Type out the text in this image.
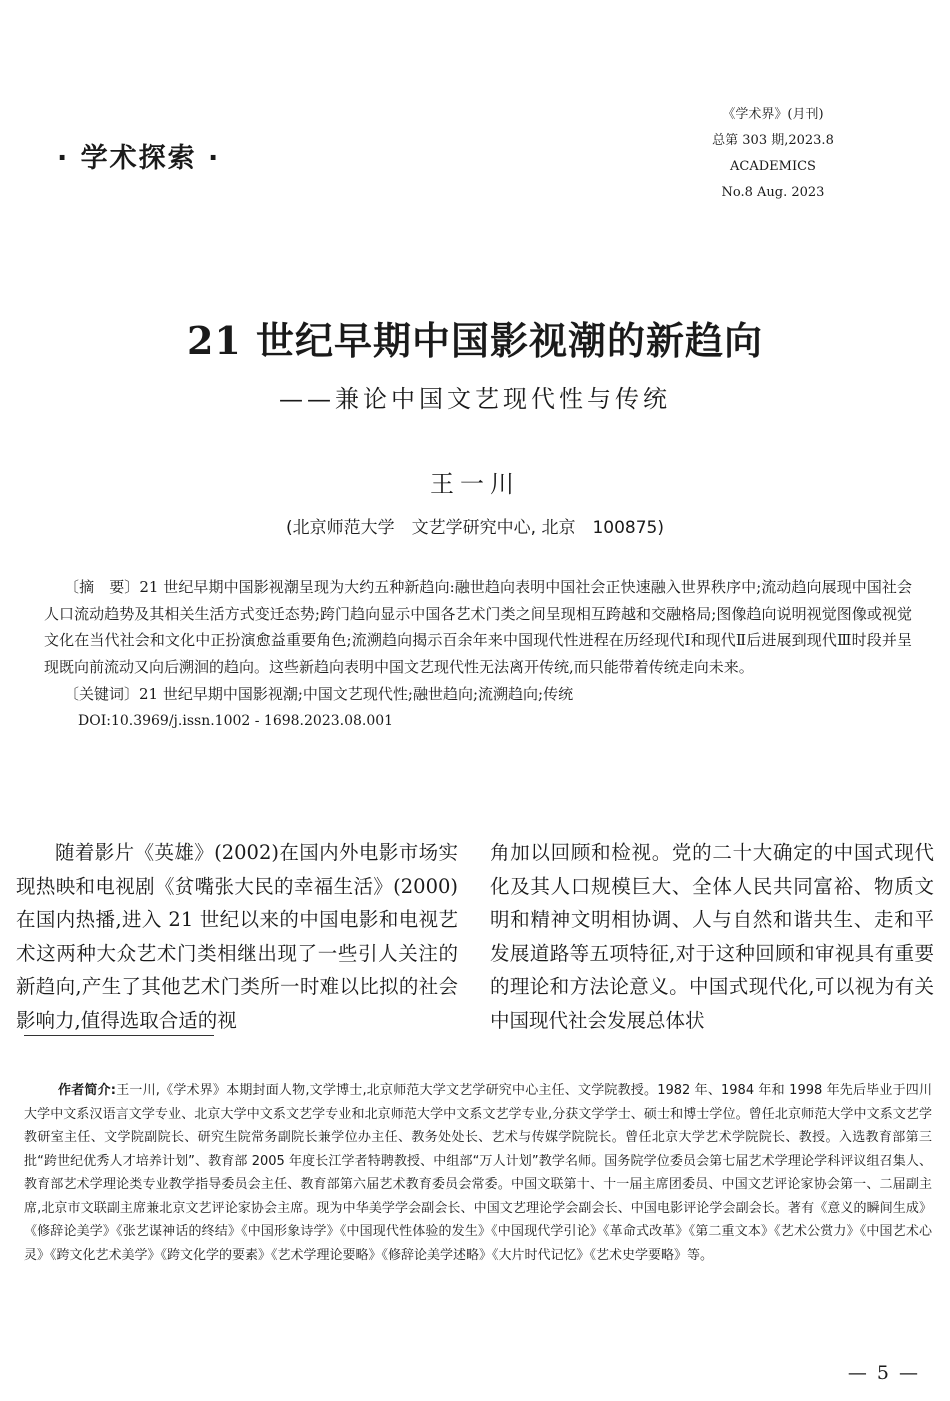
· 学术探索 ·
《学术界》(月刊)
总第 303 期,2023.8
ACADEMICS
No.8 Aug. 2023
21 世纪早期中国影视潮的新趋向
——兼论中国文艺现代性与传统
王一川
(北京师范大学　文艺学研究中心, 北京　100875)

〔摘　要〕21 世纪早期中国影视潮呈现为大约五种新趋向:融世趋向表明中国社会正快速融入世界秩序中;流动趋向展现中国社会人口流动趋势及其相关生活方式变迁态势;跨门趋向显示中国各艺术门类之间呈现相互跨越和交融格局;图像趋向说明视觉图像或视觉文化在当代社会和文化中正扮演愈益重要角色;流溯趋向揭示百余年来中国现代性进程在历经现代Ⅰ和现代Ⅱ后进展到现代Ⅲ时段并呈现既向前流动又向后溯洄的趋向。这些新趋向表明中国文艺现代性无法离开传统,而只能带着传统走向未来。

〔关键词〕21 世纪早期中国影视潮;中国文艺现代性;融世趋向;流溯趋向;传统

DOI:10.3969/j.issn.1002 - 1698.2023.08.001

随着影片《英雄》(2002)在国内外电影市场实现热映和电视剧《贫嘴张大民的幸福生活》(2000)在国内热播,进入 21 世纪以来的中国电影和电视艺术这两种大众艺术门类相继出现了一些引人关注的新趋向,产生了其他艺术门类所一时难以比拟的社会影响力,值得选取合适的视

角加以回顾和检视。党的二十大确定的中国式现代化及其人口规模巨大、全体人民共同富裕、物质文明和精神文明相协调、人与自然和谐共生、走和平发展道路等五项特征,对于这种回顾和审视具有重要的理论和方法论意义。中国式现代化,可以视为有关中国现代社会发展总体状

作者简介:王一川,《学术界》本期封面人物,文学博士,北京师范大学文艺学研究中心主任、文学院教授。1982 年、1984 年和 1998 年先后毕业于四川大学中文系汉语言文学专业、北京大学中文系文艺学专业和北京师范大学中文系文艺学专业,分获文学学士、硕士和博士学位。曾任北京师范大学中文系文艺学教研室主任、文学院副院长、研究生院常务副院长兼学位办主任、教务处处长、艺术与传媒学院院长。曾任北京大学艺术学院院长、教授。入选教育部第三批“跨世纪优秀人才培养计划”、教育部 2005 年度长江学者特聘教授、中组部“万人计划”教学名师。国务院学位委员会第七届艺术学理论学科评议组召集人、教育部艺术学理论类专业教学指导委员会主任、教育部第六届艺术教育委员会常委。中国文联第十、十一届主席团委员、中国文艺评论家协会第一、二届副主席,北京市文联副主席兼北京文艺评论家协会主席。现为中华美学学会副会长、中国文艺理论学会副会长、中国电影评论学会副会长。著有《意义的瞬间生成》《修辞论美学》《张艺谋神话的终结》《中国形象诗学》《中国现代性体验的发生》《中国现代学引论》《革命式改革》《第二重文本》《艺术公赏力》《中国艺术心灵》《跨文化艺术美学》《跨文化学的要素》《艺术学理论要略》《修辞论美学述略》《大片时代记忆》《艺术史学要略》等。

— 5 —
